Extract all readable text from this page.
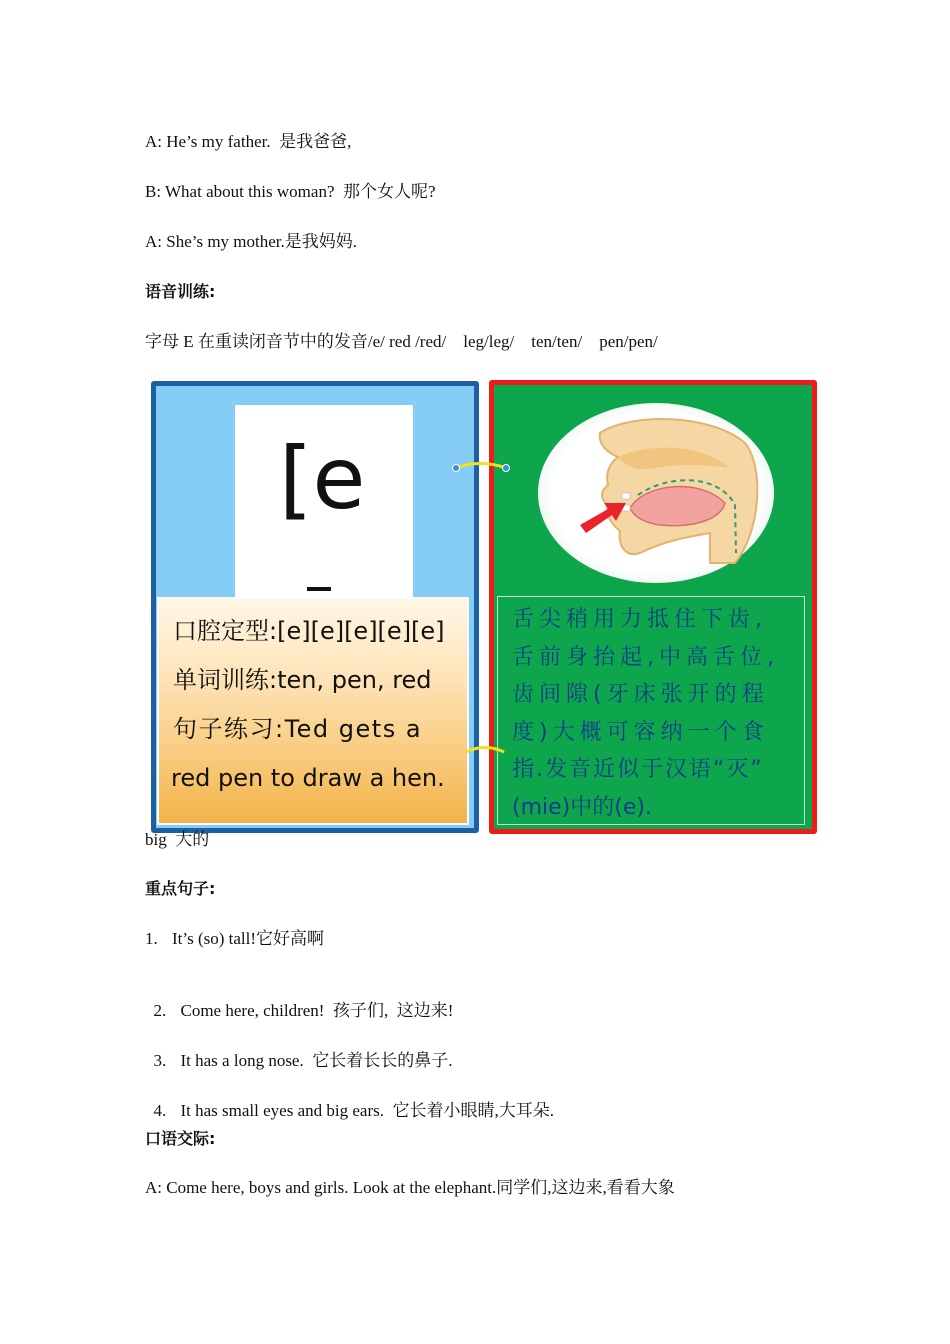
A: He’s my father. 是我爸爸,
B: What about this woman? 那个女人呢?
A: She’s my mother.是我妈妈.
语音训练:
字母 E 在重读闭音节中的发音/e/ red /red/    leg/leg/    ten/ten/    pen/pen/
[e
口腔定型:[e][e][e][e][e]
单词训练:ten, pen, red
句子练习:Ted gets a
red pen to draw a hen.
舌尖稍用力抵住下齿,
舌前身抬起,中高舌位,
齿间隙(牙床张开的程
度)大概可容纳一个食
指.发音近似于汉语“灭”
(mie)中的(e).
big 大的
重点句子:
1. It’s (so) tall!它好高啊

2. Come here, children!  孩子们,  这边来!

3. It has a long nose.  它长着长长的鼻子.

4. It has small eyes and big ears.  它长着小眼睛,大耳朵.

口语交际:
A: Come here, boys and girls. Look at the elephant.同学们,这边来,看看大象
